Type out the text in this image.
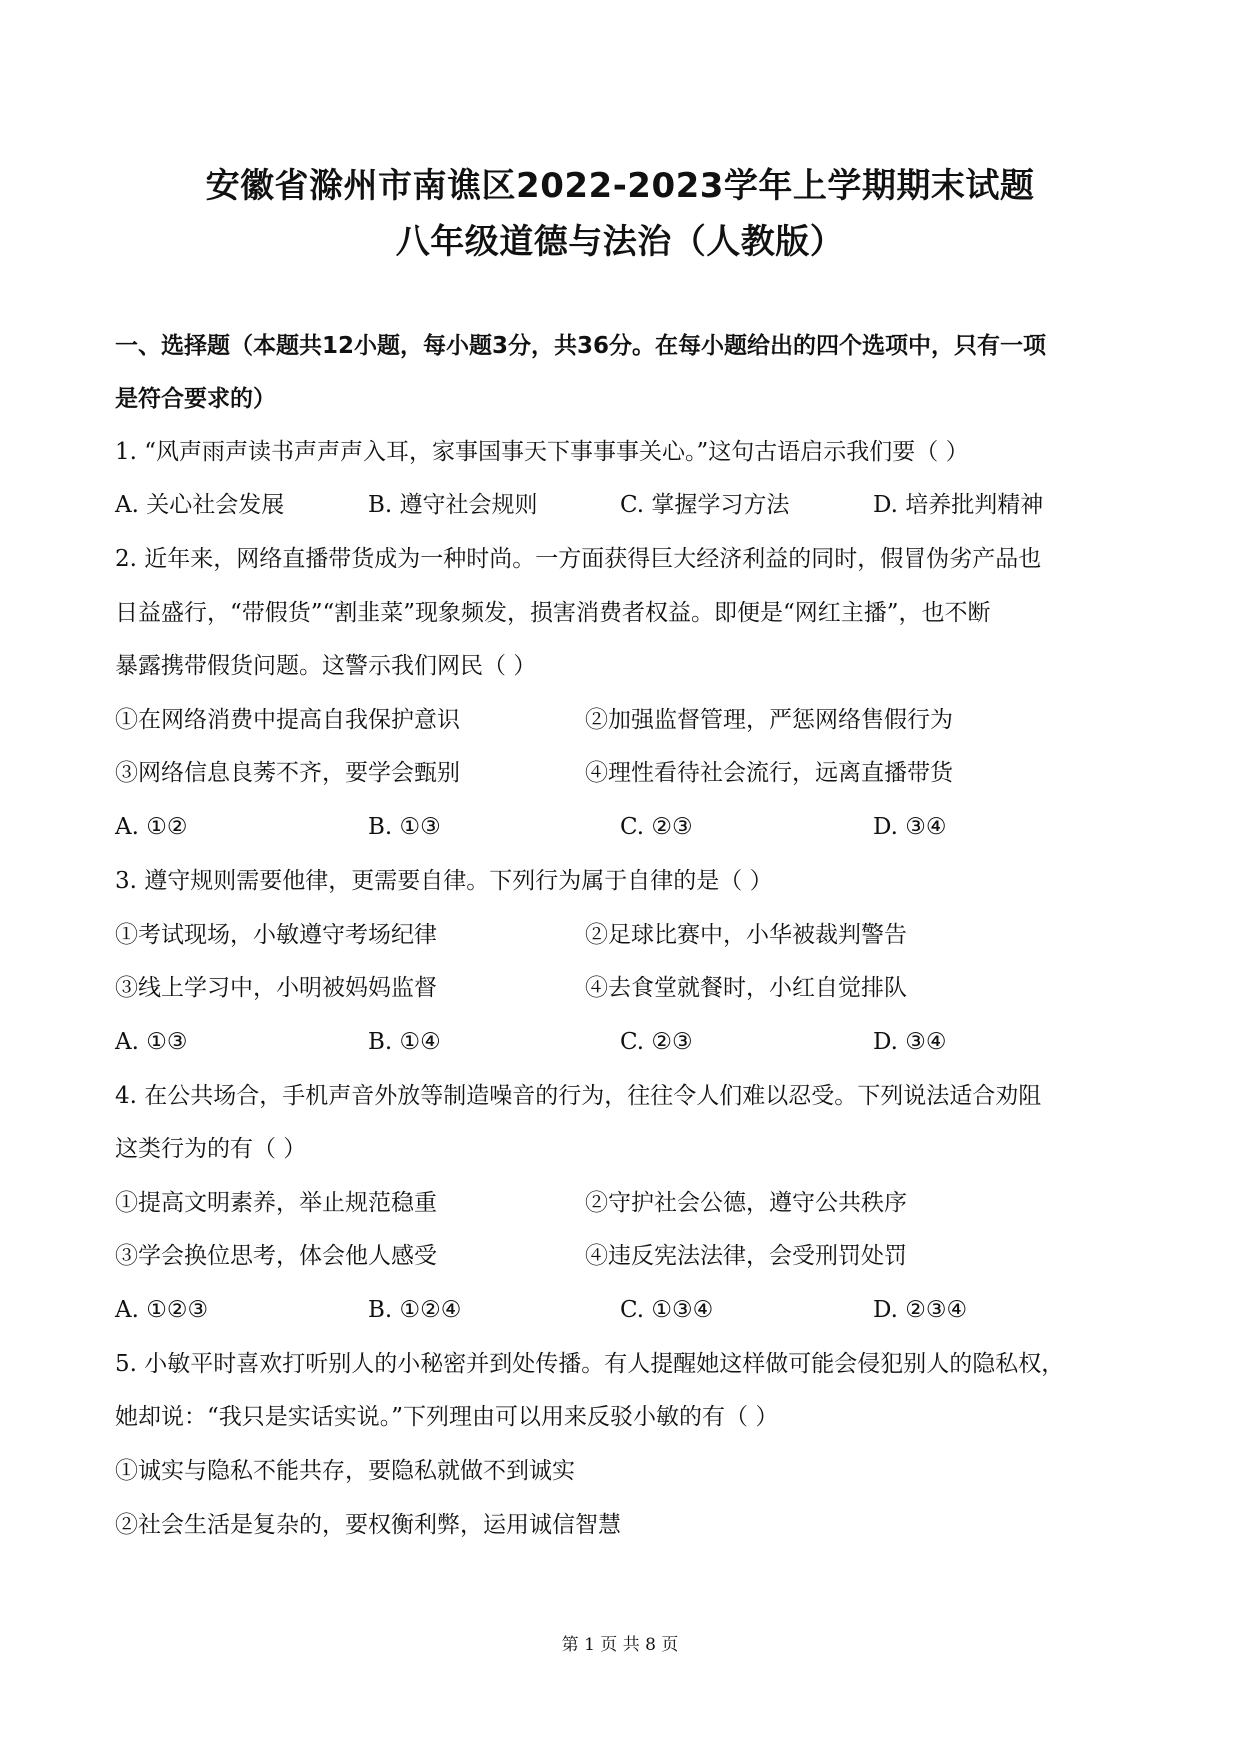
安徽省滁州市南谯区2022-2023学年上学期期末试题
八年级道德与法治（人教版）
一、选择题（本题共12小题，每小题3分，共36分。在每小题给出的四个选项中，只有一项
是符合要求的）
1. “风声雨声读书声声声入耳，家事国事天下事事事关心。”这句古语启示我们要（ ）
A. 关心社会发展	B. 遵守社会规则	C. 掌握学习方法	D. 培养批判精神
2. 近年来，网络直播带货成为一种时尚。一方面获得巨大经济利益的同时，假冒伪劣产品也
日益盛行，“带假货”“割韭菜”现象频发，损害消费者权益。即便是“网红主播”，也不断
暴露携带假货问题。这警示我们网民（ ）
①在网络消费中提高自我保护意识	②加强监督管理，严惩网络售假行为
③网络信息良莠不齐，要学会甄别	④理性看待社会流行，远离直播带货
A. ①②	B. ①③	C. ②③	D. ③④
3. 遵守规则需要他律，更需要自律。下列行为属于自律的是（ ）
①考试现场，小敏遵守考场纪律	②足球比赛中，小华被裁判警告
③线上学习中，小明被妈妈监督	④去食堂就餐时，小红自觉排队
A. ①③	B. ①④	C. ②③	D. ③④
4. 在公共场合，手机声音外放等制造噪音的行为，往往令人们难以忍受。下列说法适合劝阻
这类行为的有（ ）
①提高文明素养，举止规范稳重	②守护社会公德，遵守公共秩序
③学会换位思考，体会他人感受	④违反宪法法律，会受刑罚处罚
A. ①②③	B. ①②④	C. ①③④	D. ②③④
5. 小敏平时喜欢打听别人的小秘密并到处传播。有人提醒她这样做可能会侵犯别人的隐私权，
她却说：“我只是实话实说。”下列理由可以用来反驳小敏的有（ ）
①诚实与隐私不能共存，要隐私就做不到诚实
②社会生活是复杂的，要权衡利弊，运用诚信智慧
第 1 页 共 8 页
